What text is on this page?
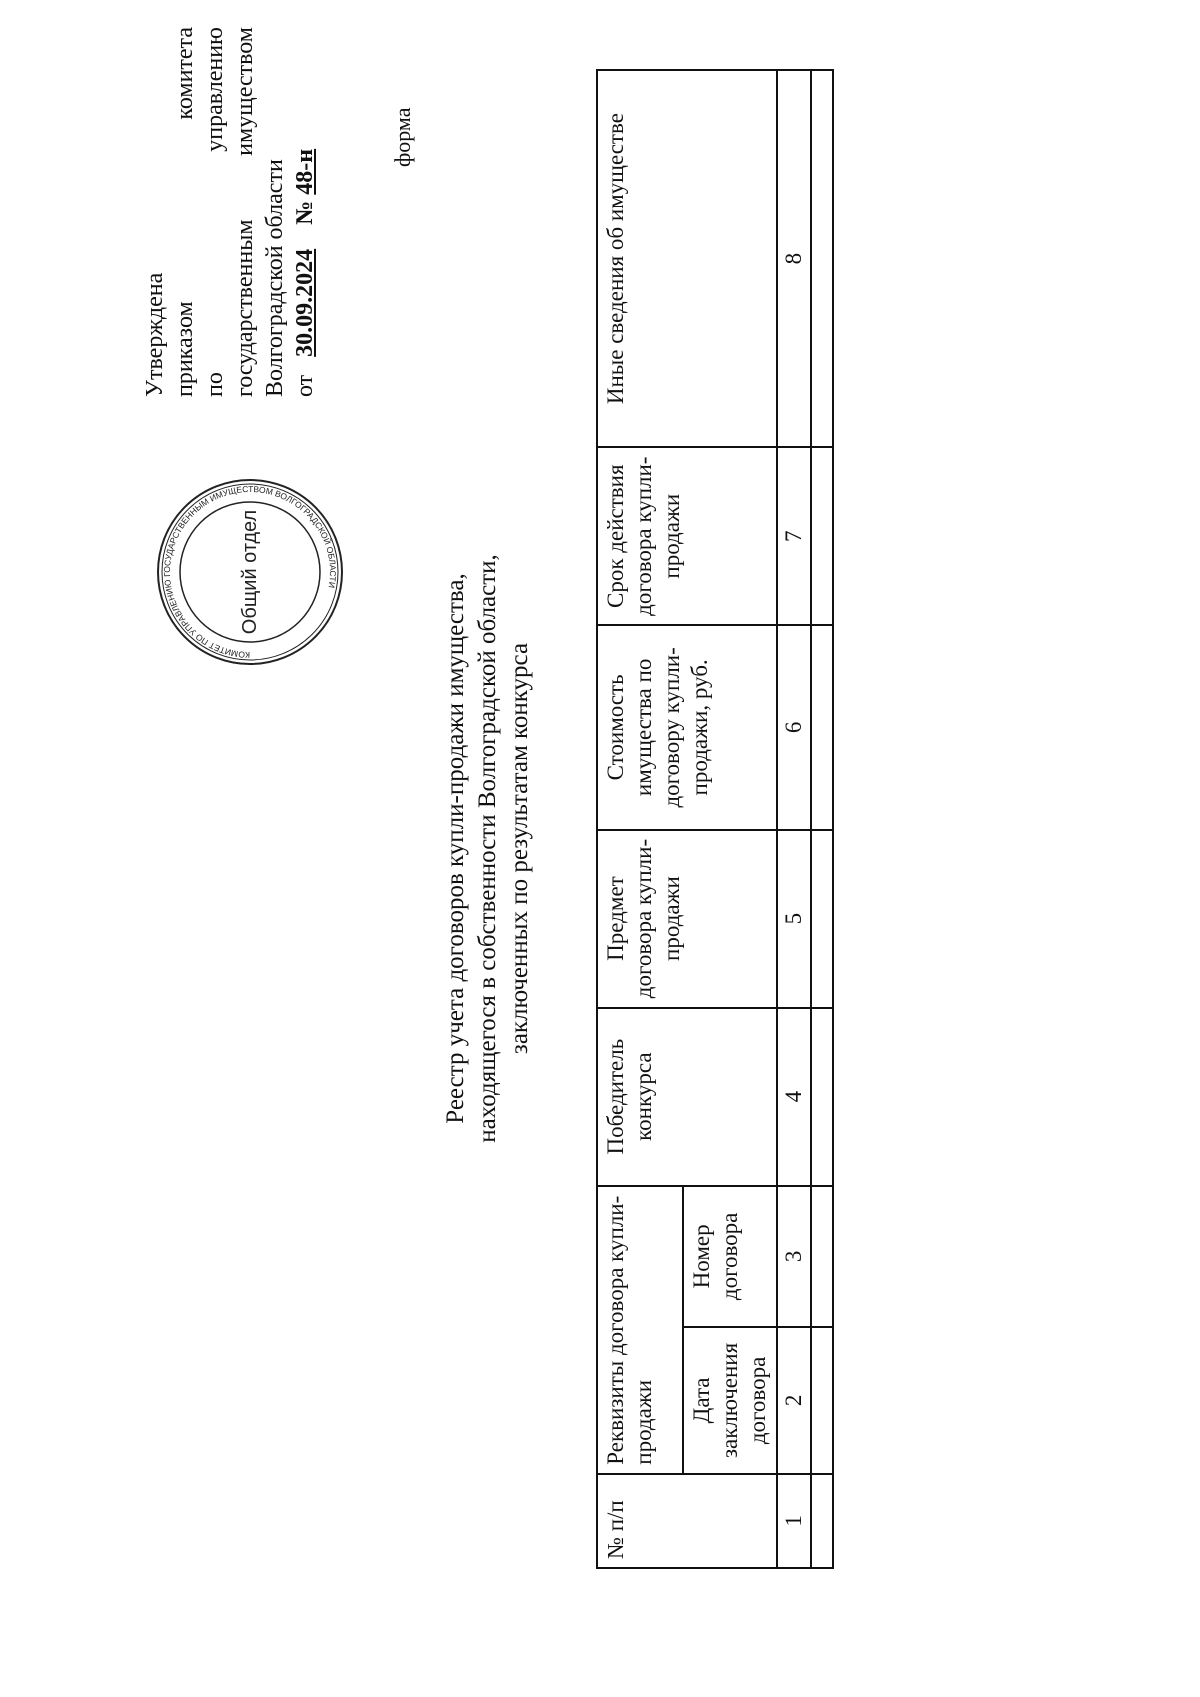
Утверждена приказом
комитета
по
управлению
государственным
имуществом
Волгоградской области от   30.09.2024    № 48-н
форма
КОМИТЕТ ПО УПРАВЛЕНИЮ ГОСУДАРСТВЕННЫМ ИМУЩЕСТВОМ ВОЛГОГРАДСКОЙ ОБЛАСТИ
Общий отдел
Реестр учета договоров купли-продажи имущества, находящегося в собственности Волгоградской области, заключенных по результатам конкурса
№ п/п	Реквизиты договора купли-продажи		Победитель конкурса	Предмет договора купли-продажи	Стоимость имущества по договору купли-продажи, руб.	Срок действия договора купли-продажи	Иные сведения об имуществе
	Дата заключения договора	Номер договора					
1	2	3	4	5	6	7	8
